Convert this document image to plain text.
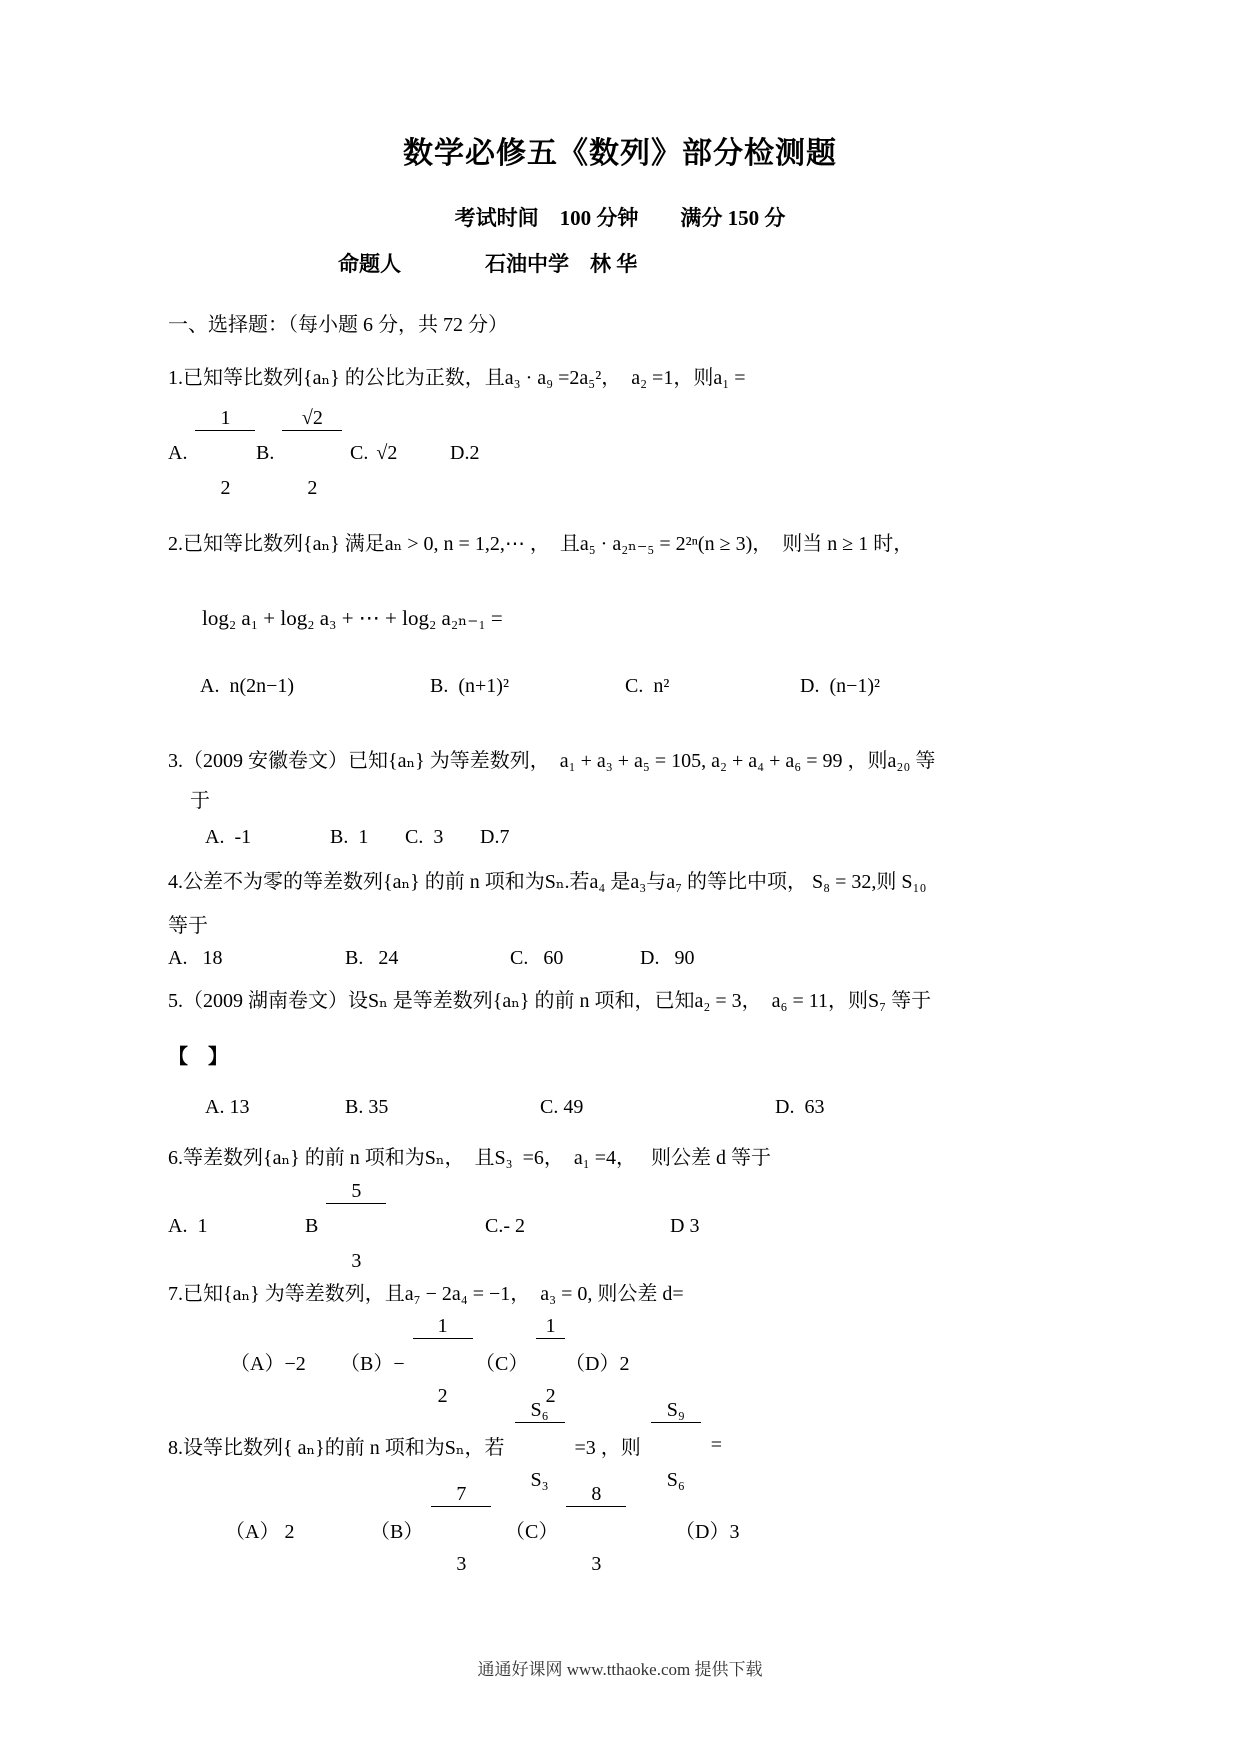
数学必修五《数列》部分检测题

考试时间　100 分钟　　满分 150 分

命题人　　　　石油中学　林 华

一、选择题：（每小题 6 分，共 72 分）

1.已知等比数列{aₙ} 的公比为正数，且a₃ · a₉ =2a₅²，  a₂ =1，则a₁ =

A.

$\frac{1}{2}$

B.

$\frac{√2}{2}$

C. √2	D.2

2.已知等比数列{aₙ} 满足aₙ > 0, n = 1,2,⋯ ，  且a₅ · a₂ₙ₋₅ = 2²ⁿ(n ≥ 3)，  则当 n ≥ 1 时，

log₂ a₁ + log₂ a₃ + ⋯ + log₂ a₂ₙ₋₁ =

A.  n(2n−1)	B.  (n+1)²	C.  n²	D.  (n−1)²

3.（2009 安徽卷文）已知{aₙ} 为等差数列，  a₁ + a₃ + a₅ = 105, a₂ + a₄ + a₆ = 99 ，则a₂₀ 等

于

A.  -1	B.  1	C.  3	D.7

4.公差不为零的等差数列{aₙ} 的前 n 项和为Sₙ.若a₄ 是a₃与a₇ 的等比中项， S₈ = 32,则 S₁₀

等于

A.   18	B.   24	C.   60	D.   90

5.（2009 湖南卷文）设Sₙ 是等差数列{aₙ} 的前 n 项和，已知a₂ = 3，  a₆ = 11，则S₇ 等于

【　】

A. 13	B. 35	C. 49	D.  63

6.等差数列{aₙ} 的前 n 项和为Sₙ，  且S₃  =6，  a₁ =4，   则公差 d 等于

A.  1	B

$\frac{5}{3}$

	C.- 2	D 3

7.已知{aₙ} 为等差数列，且a₇ − 2a₄ = −1，  a₃ = 0, 则公差 d=

（A）−2	（B）−

$\frac{1}{2}$

（C）

$\frac{1}{2}$

（D）2
8.设等比数列{ aₙ}的前 n 项和为Sₙ ，若

$\frac{\text{S₆}}{\text{S₃}}$

=3 ，则

$\frac{\text{S₉}}{\text{S₆}}$

=
（A） 2	（B）

$\frac{7}{3}$

（C）

$\frac{8}{3}$

（D）3

通通好课网 www.tthaoke.com 提供下载
